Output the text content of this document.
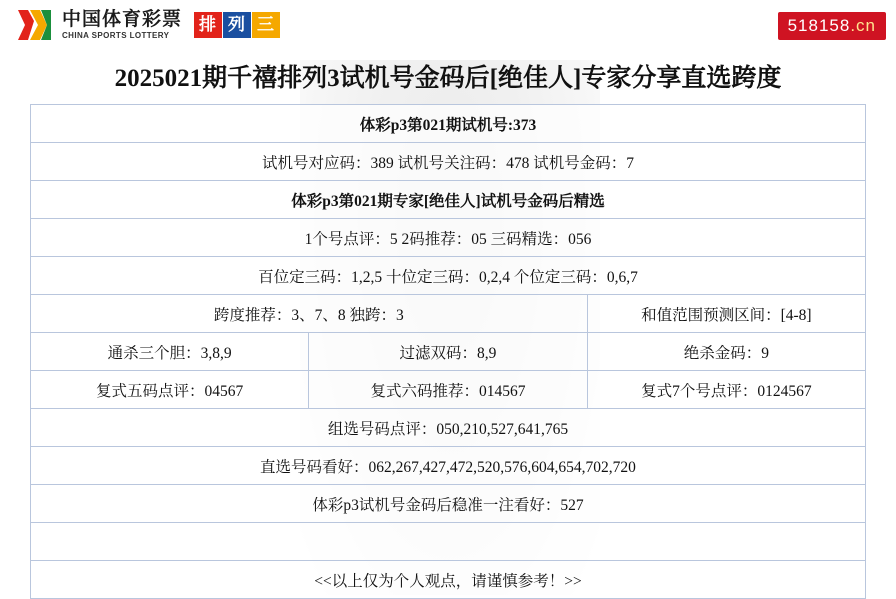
中国体育彩票
CHINA SPORTS LOTTERY
排 列 三	518158.cn
2025021期千禧排列3试机号金码后[绝佳人]专家分享直选跨度
体彩p3第021期试机号:373		
试机号对应码：389 试机号关注码：478 试机号金码：7		
体彩p3第021期专家[绝佳人]试机号金码后精选		
1个号点评：5 2码推荐：05 三码精选：056		
百位定三码：1,2,5 十位定三码：0,2,4 个位定三码：0,6,7		
跨度推荐：3、7、8 独跨：3		和值范围预测区间：[4-8]
通杀三个胆：3,8,9	过滤双码：8,9	绝杀金码：9
复式五码点评：04567	复式六码推荐：014567	复式7个号点评：0124567
组选号码点评：050,210,527,641,765		
直选号码看好：062,267,427,472,520,576,604,654,702,720		
体彩p3试机号金码后稳准一注看好：527		

<<以上仅为个人观点，请谨慎参考！>>		
